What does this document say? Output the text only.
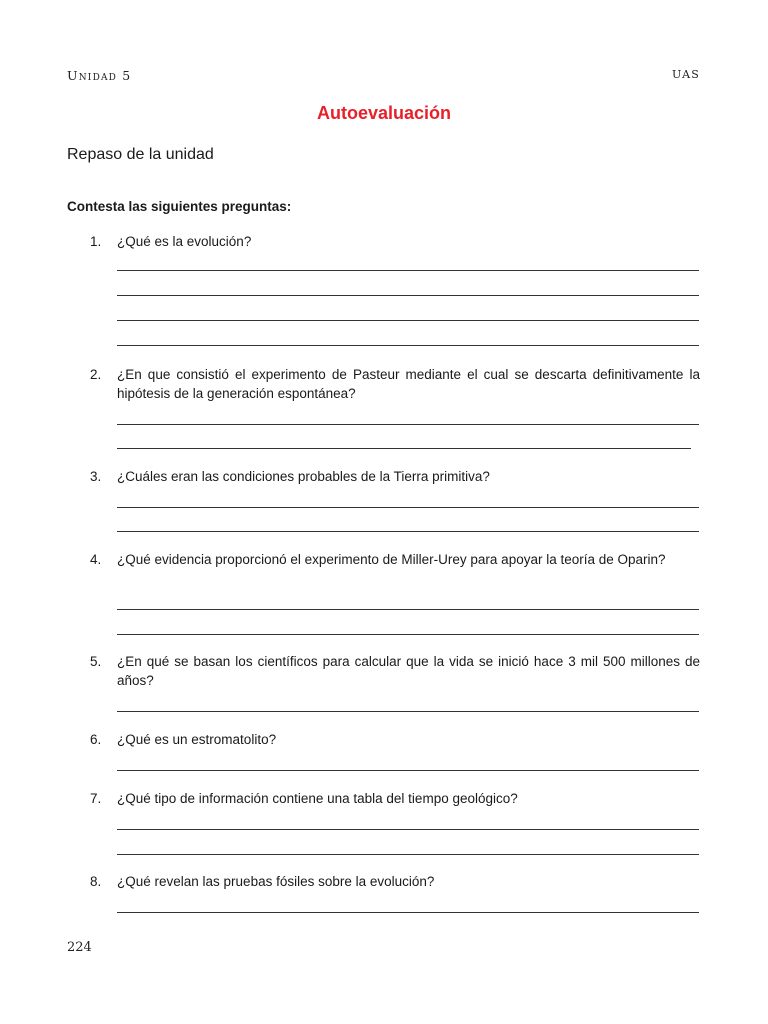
Unidad 5	UAS
Autoevaluación
Repaso de la unidad
Contesta las siguientes preguntas:
1. ¿Qué es la evolución?
2. ¿En que consistió el experimento de Pasteur mediante el cual se descarta definitivamente la hipótesis de la generación espontánea?
3. ¿Cuáles eran las condiciones probables de la Tierra primitiva?
4. ¿Qué evidencia proporcionó el experimento de Miller-Urey para apoyar la teoría de Oparin?
5. ¿En qué se basan los científicos para calcular que la vida se inició hace 3 mil 500 millones de años?
6. ¿Qué es un estromatolito?
7. ¿Qué tipo de información contiene una tabla del tiempo geológico?
8. ¿Qué revelan las pruebas fósiles sobre la evolución?
224
